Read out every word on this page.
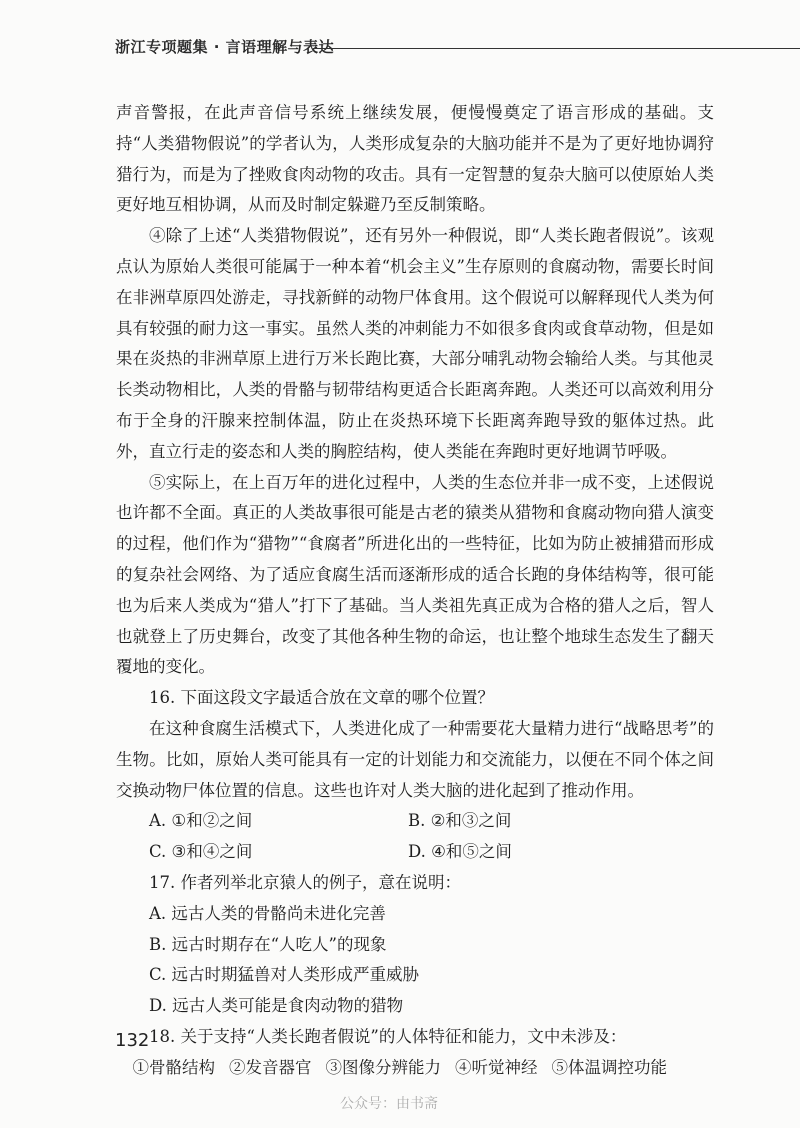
浙江专项题集 · 言语理解与表达

声音警报，在此声音信号系统上继续发展，便慢慢奠定了语言形成的基础。支持“人类猎物假说”的学者认为，人类形成复杂的大脑功能并不是为了更好地协调狩猎行为，而是为了挫败食肉动物的攻击。具有一定智慧的复杂大脑可以使原始人类更好地互相协调，从而及时制定躲避乃至反制策略。

④除了上述“人类猎物假说”，还有另外一种假说，即“人类长跑者假说”。该观点认为原始人类很可能属于一种本着“机会主义”生存原则的食腐动物，需要长时间在非洲草原四处游走，寻找新鲜的动物尸体食用。这个假说可以解释现代人类为何具有较强的耐力这一事实。虽然人类的冲刺能力不如很多食肉或食草动物，但是如果在炎热的非洲草原上进行万米长跑比赛，大部分哺乳动物会输给人类。与其他灵长类动物相比，人类的骨骼与韧带结构更适合长距离奔跑。人类还可以高效利用分布于全身的汗腺来控制体温，防止在炎热环境下长距离奔跑导致的躯体过热。此外，直立行走的姿态和人类的胸腔结构，使人类能在奔跑时更好地调节呼吸。

⑤实际上，在上百万年的进化过程中，人类的生态位并非一成不变，上述假说也许都不全面。真正的人类故事很可能是古老的猿类从猎物和食腐动物向猎人演变的过程，他们作为“猎物”“食腐者”所进化出的一些特征，比如为防止被捕猎而形成的复杂社会网络、为了适应食腐生活而逐渐形成的适合长跑的身体结构等，很可能也为后来人类成为“猎人”打下了基础。当人类祖先真正成为合格的猎人之后，智人也就登上了历史舞台，改变了其他各种生物的命运，也让整个地球生态发生了翻天覆地的变化。

16. 下面这段文字最适合放在文章的哪个位置？

在这种食腐生活模式下，人类进化成了一种需要花大量精力进行“战略思考”的生物。比如，原始人类可能具有一定的计划能力和交流能力，以便在不同个体之间交换动物尸体位置的信息。这些也许对人类大脑的进化起到了推动作用。

A. ①和②之间	B. ②和③之间
C. ③和④之间	D. ④和⑤之间

17. 作者列举北京猿人的例子，意在说明：

A. 远古人类的骨骼尚未进化完善

B. 远古时期存在“人吃人”的现象

C. 远古时期猛兽对人类形成严重威胁

D. 远古人类可能是食肉动物的猎物

18. 关于支持“人类长跑者假说”的人体特征和能力，文中未涉及：

①骨骼结构 ②发音器官 ③图像分辨能力 ④听觉神经 ⑤体温调控功能

132
公众号：由书斋
